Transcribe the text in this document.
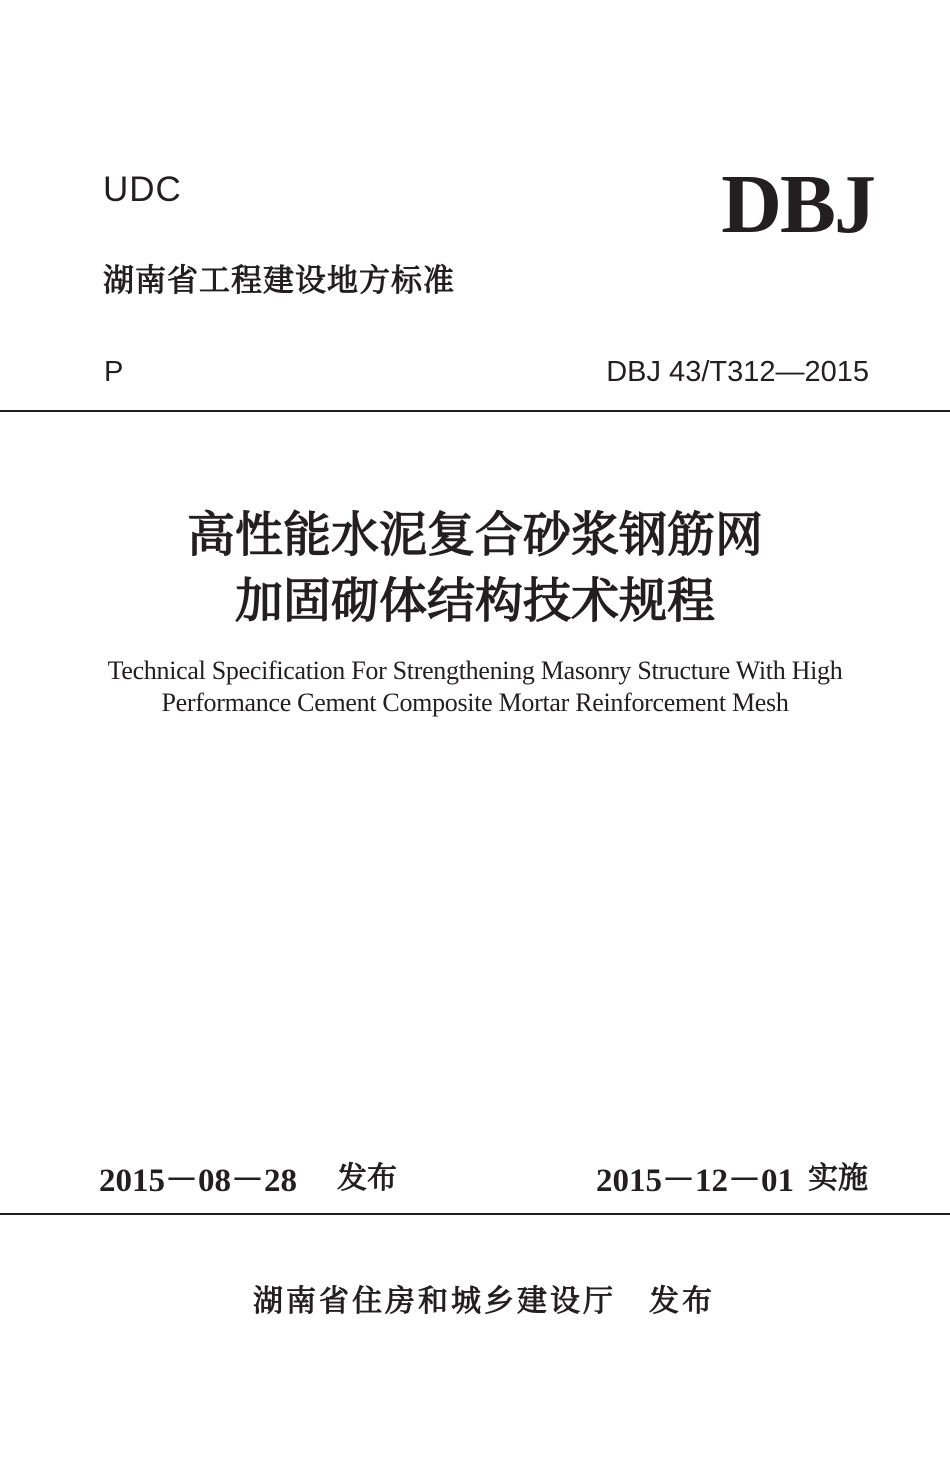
UDC	DBJ
湖南省工程建设地方标准
P	DBJ 43/T312—2015
高性能水泥复合砂浆钢筋网
加固砌体结构技术规程
Technical Specification For Strengthening Masonry Structure With High
Performance Cement Composite Mortar Reinforcement Mesh
2015－08－28 发布	2015－12－01 实施
湖南省住房和城乡建设厅　发布
